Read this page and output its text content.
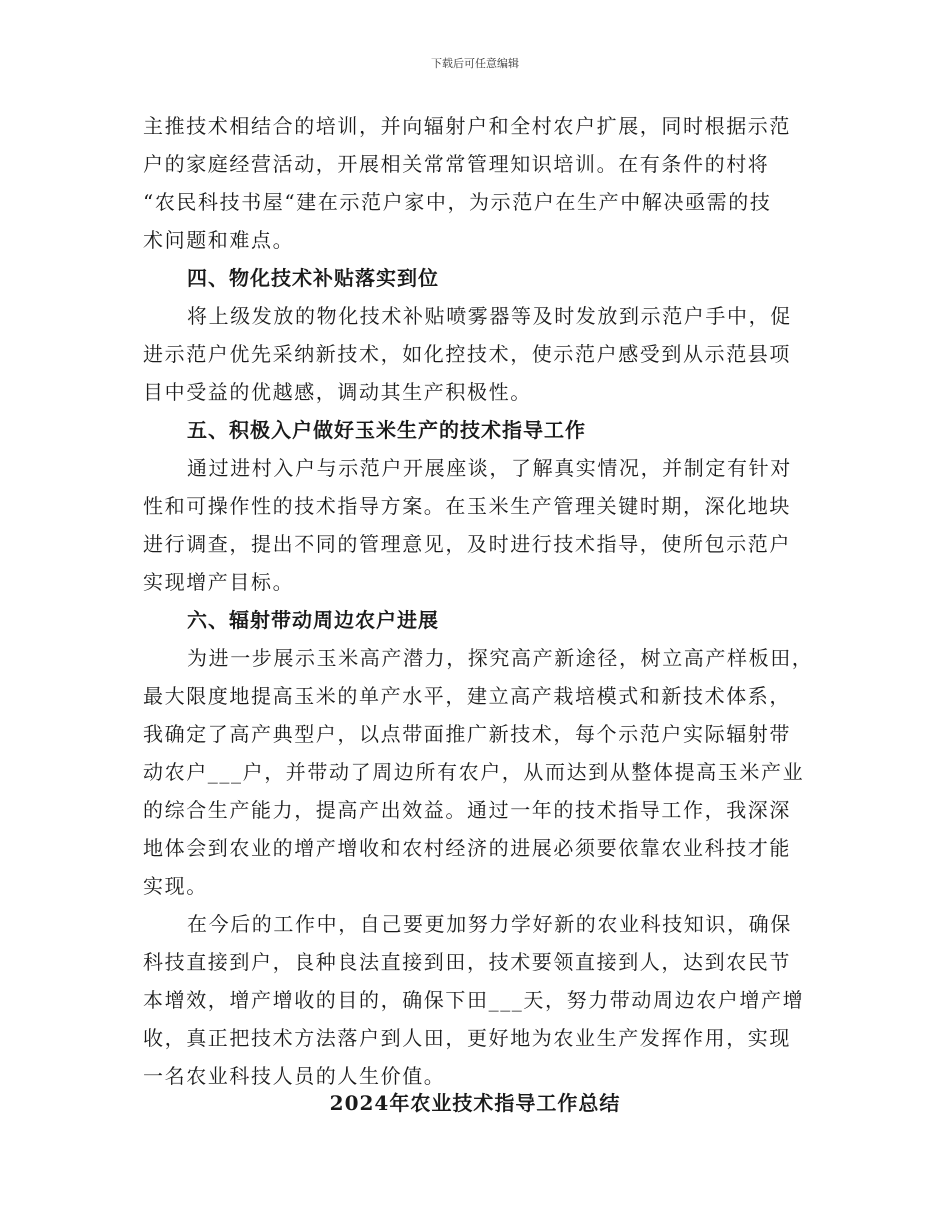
下载后可任意编辑
主推技术相结合的培训，并向辐射户和全村农户扩展，同时根据示范
户的家庭经营活动，开展相关常常管理知识培训。在有条件的村将
“农民科技书屋“建在示范户家中，为示范户在生产中解决亟需的技
术问题和难点。
四、物化技术补贴落实到位
将上级发放的物化技术补贴喷雾器等及时发放到示范户手中，促
进示范户优先采纳新技术，如化控技术，使示范户感受到从示范县项
目中受益的优越感，调动其生产积极性。
五、积极入户做好玉米生产的技术指导工作
通过进村入户与示范户开展座谈，了解真实情况，并制定有针对
性和可操作性的技术指导方案。在玉米生产管理关键时期，深化地块
进行调查，提出不同的管理意见，及时进行技术指导，使所包示范户
实现增产目标。
六、辐射带动周边农户进展
为进一步展示玉米高产潜力，探究高产新途径，树立高产样板田，
最大限度地提高玉米的单产水平，建立高产栽培模式和新技术体系，
我确定了高产典型户，以点带面推广新技术，每个示范户实际辐射带
动农户___户，并带动了周边所有农户，从而达到从整体提高玉米产业
的综合生产能力，提高产出效益。通过一年的技术指导工作，我深深
地体会到农业的增产增收和农村经济的进展必须要依靠农业科技才能
实现。
在今后的工作中，自己要更加努力学好新的农业科技知识，确保
科技直接到户，良种良法直接到田，技术要领直接到人，达到农民节
本增效，增产增收的目的，确保下田___天，努力带动周边农户增产增
收，真正把技术方法落户到人田，更好地为农业生产发挥作用，实现
一名农业科技人员的人生价值。
2024年农业技术指导工作总结
